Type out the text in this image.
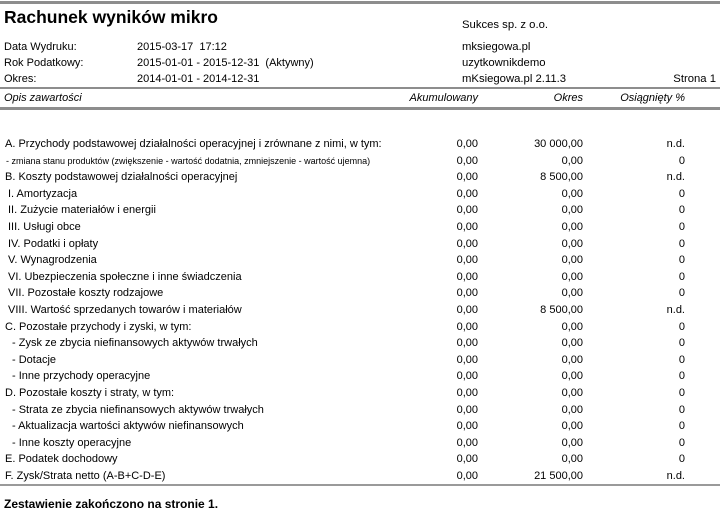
Rachunek wyników mikro
Data Wydruku:	2015-03-17  17:12
Rok Podatkowy:	2015-01-01 - 2015-12-31  (Aktywny)
Okres:	2014-01-01 - 2014-12-31
Sukces sp. z o.o.
mksiegowa.pl
uzytkownikdemo
mKsiegowa.pl 2.11.3	Strona 1
Opis zawartości	Akumulowany	Okres	Osiągnięty %
A. Przychody podstawowej działalności operacyjnej i zrównane z nimi, w tym:	0,00	30 000,00	n.d.
- zmiana stanu produktów (zwiększenie - wartość dodatnia, zmniejszenie - wartość ujemna)	0,00	0,00	0
B. Koszty podstawowej działalności operacyjnej	0,00	8 500,00	n.d.
I. Amortyzacja	0,00	0,00	0
II. Zużycie materiałów i energii	0,00	0,00	0
III. Usługi obce	0,00	0,00	0
IV. Podatki i opłaty	0,00	0,00	0
V. Wynagrodzenia	0,00	0,00	0
VI. Ubezpieczenia społeczne i inne świadczenia	0,00	0,00	0
VII. Pozostałe koszty rodzajowe	0,00	0,00	0
VIII. Wartość sprzedanych towarów i materiałów	0,00	8 500,00	n.d.
C. Pozostałe przychody i zyski, w tym:	0,00	0,00	0
- Zysk ze zbycia niefinansowych aktywów trwałych	0,00	0,00	0
- Dotacje	0,00	0,00	0
- Inne przychody operacyjne	0,00	0,00	0
D. Pozostałe koszty i straty, w tym:	0,00	0,00	0
- Strata ze zbycia niefinansowych aktywów trwałych	0,00	0,00	0
- Aktualizacja wartości aktywów niefinansowych	0,00	0,00	0
- Inne koszty operacyjne	0,00	0,00	0
E. Podatek dochodowy	0,00	0,00	0
F. Zysk/Strata netto (A-B+C-D-E)	0,00	21 500,00	n.d.
Zestawienie zakończono na stronie 1.
